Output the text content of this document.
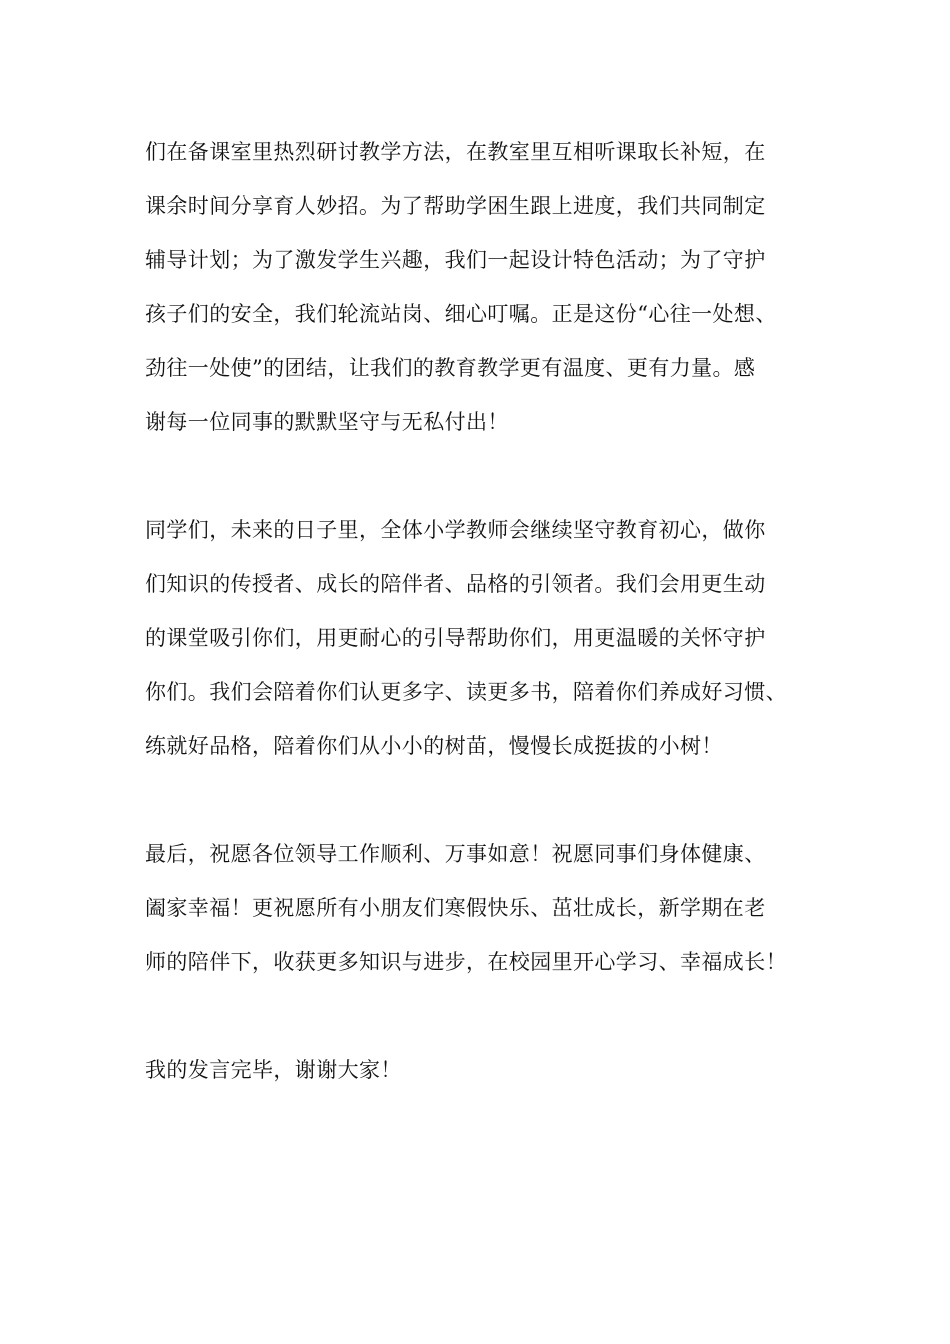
们在备课室里热烈研讨教学方法，在教室里互相听课取长补短，在
课余时间分享育人妙招。为了帮助学困生跟上进度，我们共同制定
辅导计划；为了激发学生兴趣，我们一起设计特色活动；为了守护
孩子们的安全，我们轮流站岗、细心叮嘱。正是这份“心往一处想、
劲往一处使”的团结，让我们的教育教学更有温度、更有力量。感
谢每一位同事的默默坚守与无私付出！
同学们，未来的日子里，全体小学教师会继续坚守教育初心，做你
们知识的传授者、成长的陪伴者、品格的引领者。我们会用更生动
的课堂吸引你们，用更耐心的引导帮助你们，用更温暖的关怀守护
你们。我们会陪着你们认更多字、读更多书，陪着你们养成好习惯、
练就好品格，陪着你们从小小的树苗，慢慢长成挺拔的小树！
最后，祝愿各位领导工作顺利、万事如意！祝愿同事们身体健康、
阖家幸福！更祝愿所有小朋友们寒假快乐、茁壮成长，新学期在老
师的陪伴下，收获更多知识与进步，在校园里开心学习、幸福成长！
我的发言完毕，谢谢大家！
